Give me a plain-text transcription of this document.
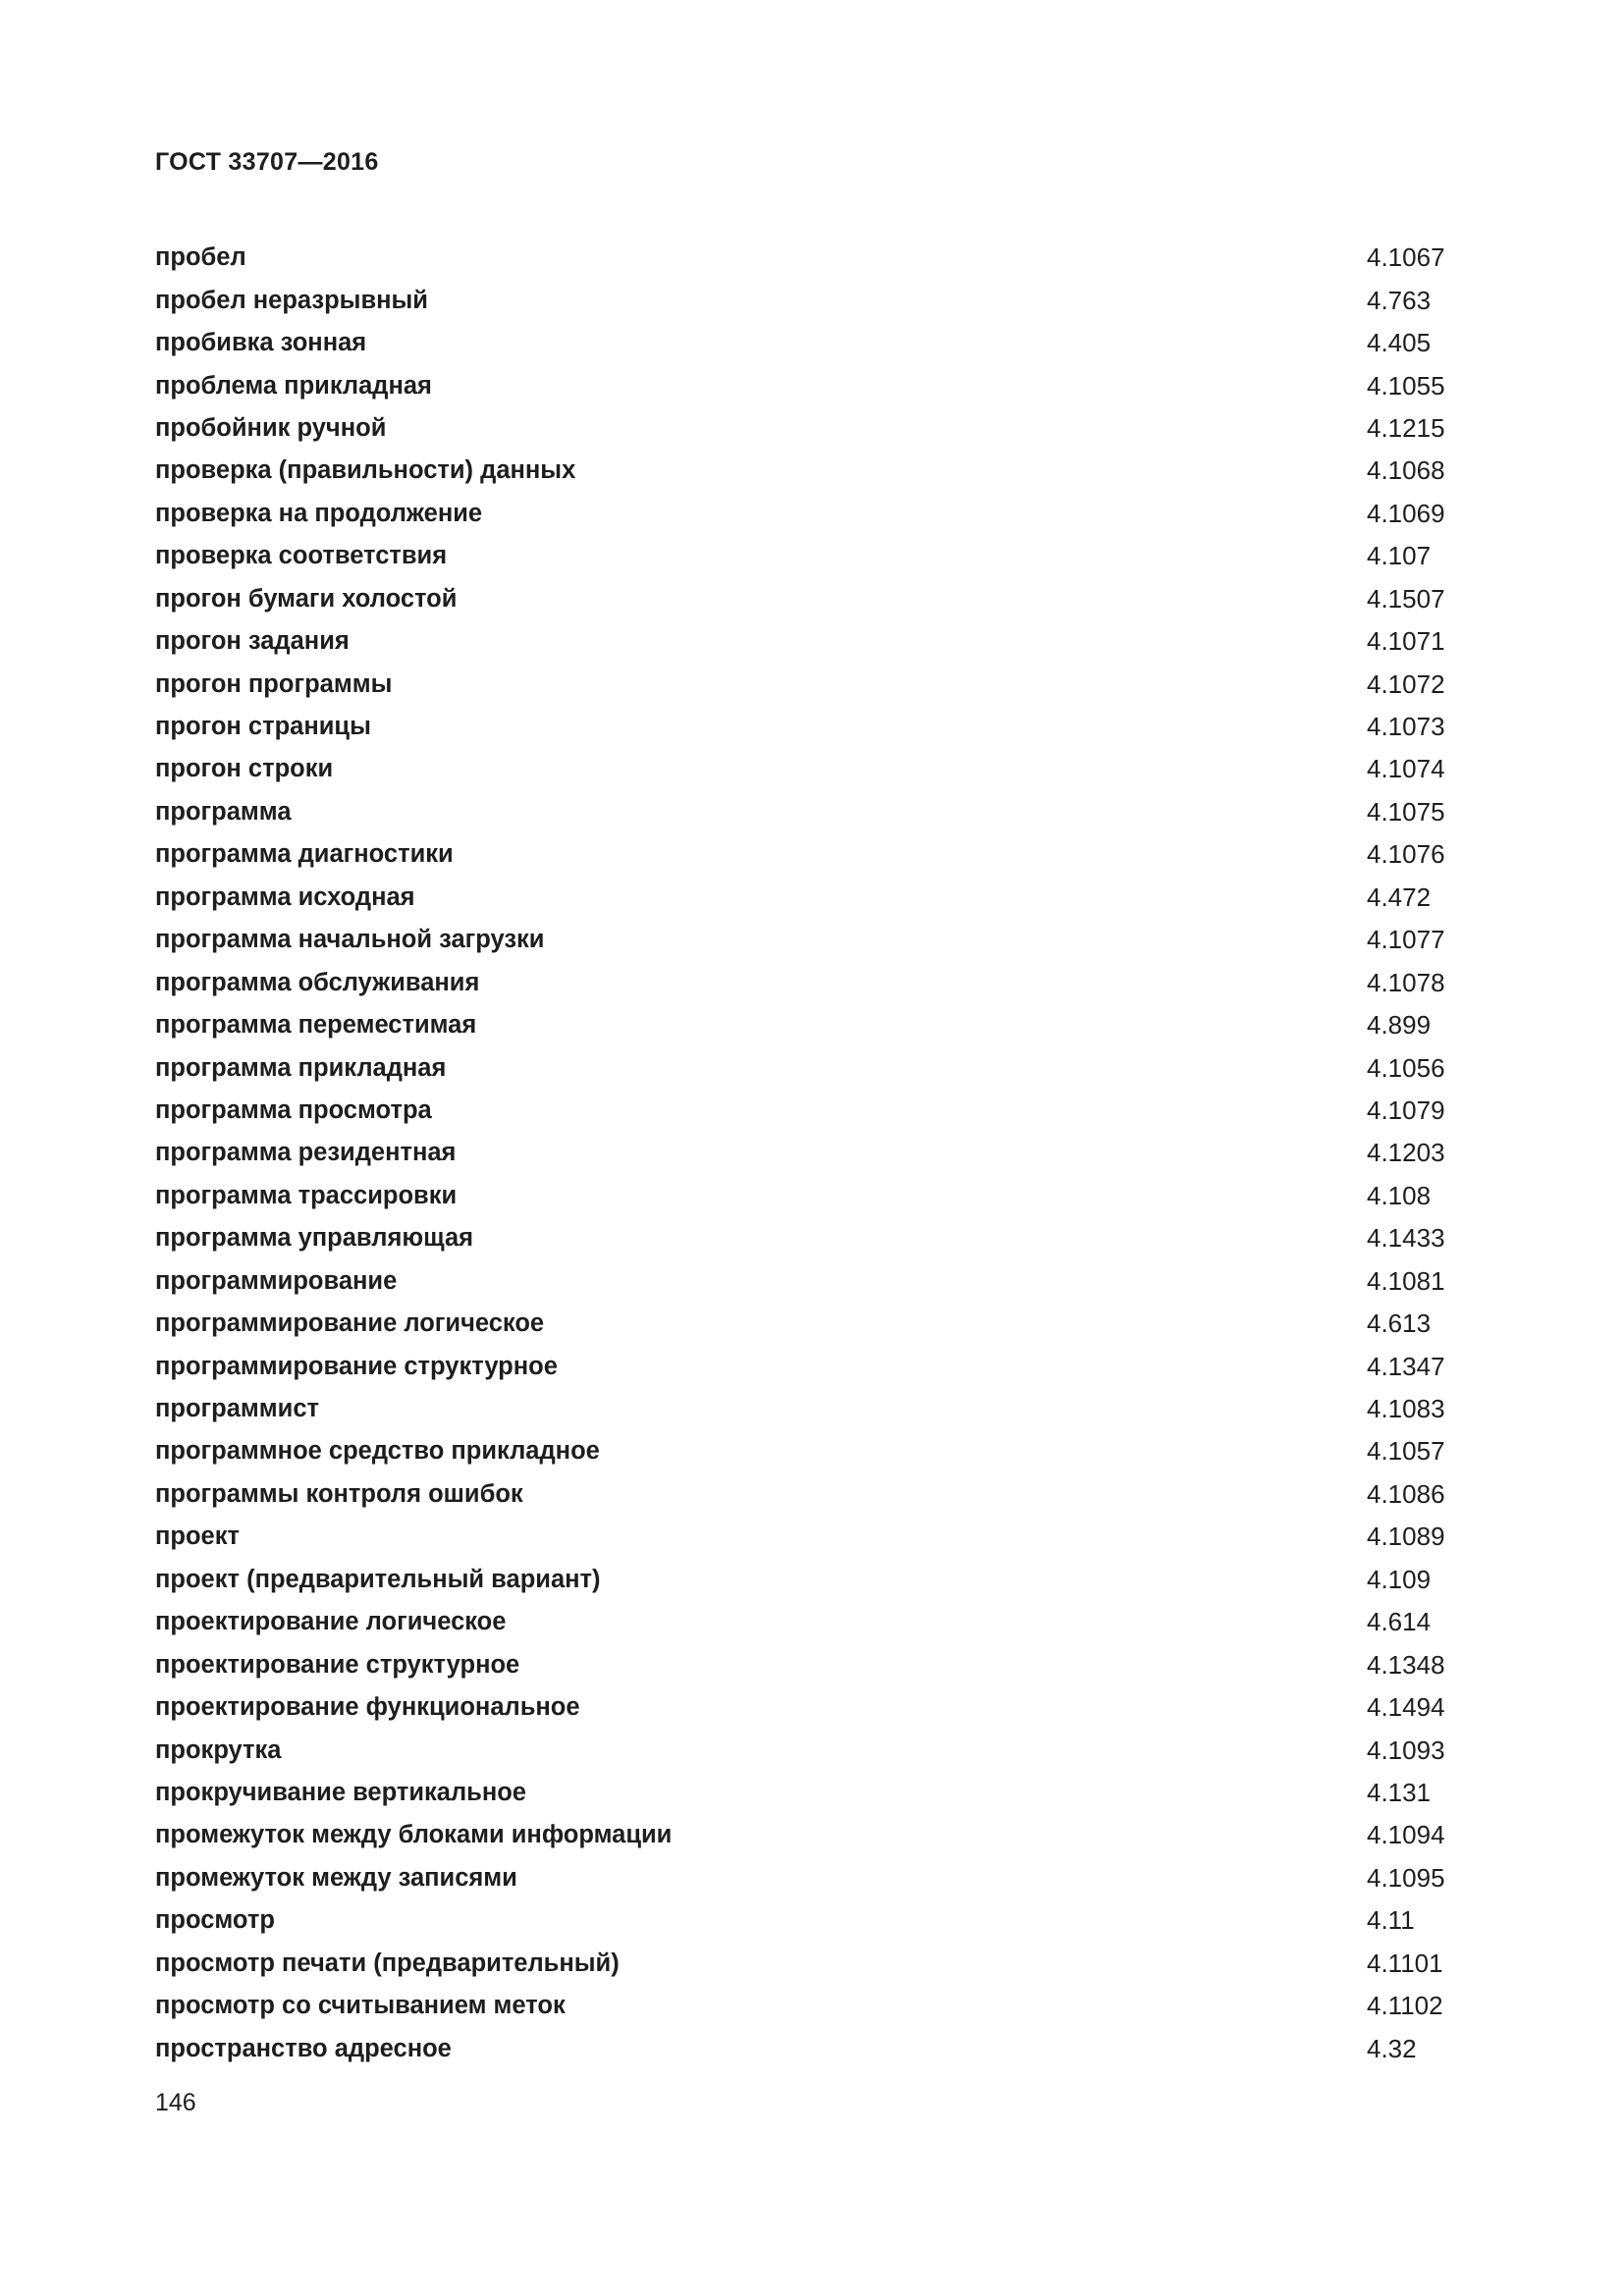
ГОСТ 33707—2016
пробел	4.1067
пробел неразрывный	4.763
пробивка зонная	4.405
проблема прикладная	4.1055
пробойник ручной	4.1215
проверка (правильности) данных	4.1068
проверка на продолжение	4.1069
проверка соответствия	4.107
прогон бумаги холостой	4.1507
прогон задания	4.1071
прогон программы	4.1072
прогон страницы	4.1073
прогон строки	4.1074
программа	4.1075
программа диагностики	4.1076
программа исходная	4.472
программа начальной загрузки	4.1077
программа обслуживания	4.1078
программа переместимая	4.899
программа прикладная	4.1056
программа просмотра	4.1079
программа резидентная	4.1203
программа трассировки	4.108
программа управляющая	4.1433
программирование	4.1081
программирование логическое	4.613
программирование структурное	4.1347
программист	4.1083
программное средство прикладное	4.1057
программы контроля ошибок	4.1086
проект	4.1089
проект (предварительный вариант)	4.109
проектирование логическое	4.614
проектирование структурное	4.1348
проектирование функциональное	4.1494
прокрутка	4.1093
прокручивание вертикальное	4.131
промежуток между блоками информации	4.1094
промежуток между записями	4.1095
просмотр	4.11
просмотр печати (предварительный)	4.1101
просмотр со считыванием меток	4.1102
пространство адресное	4.32
146
